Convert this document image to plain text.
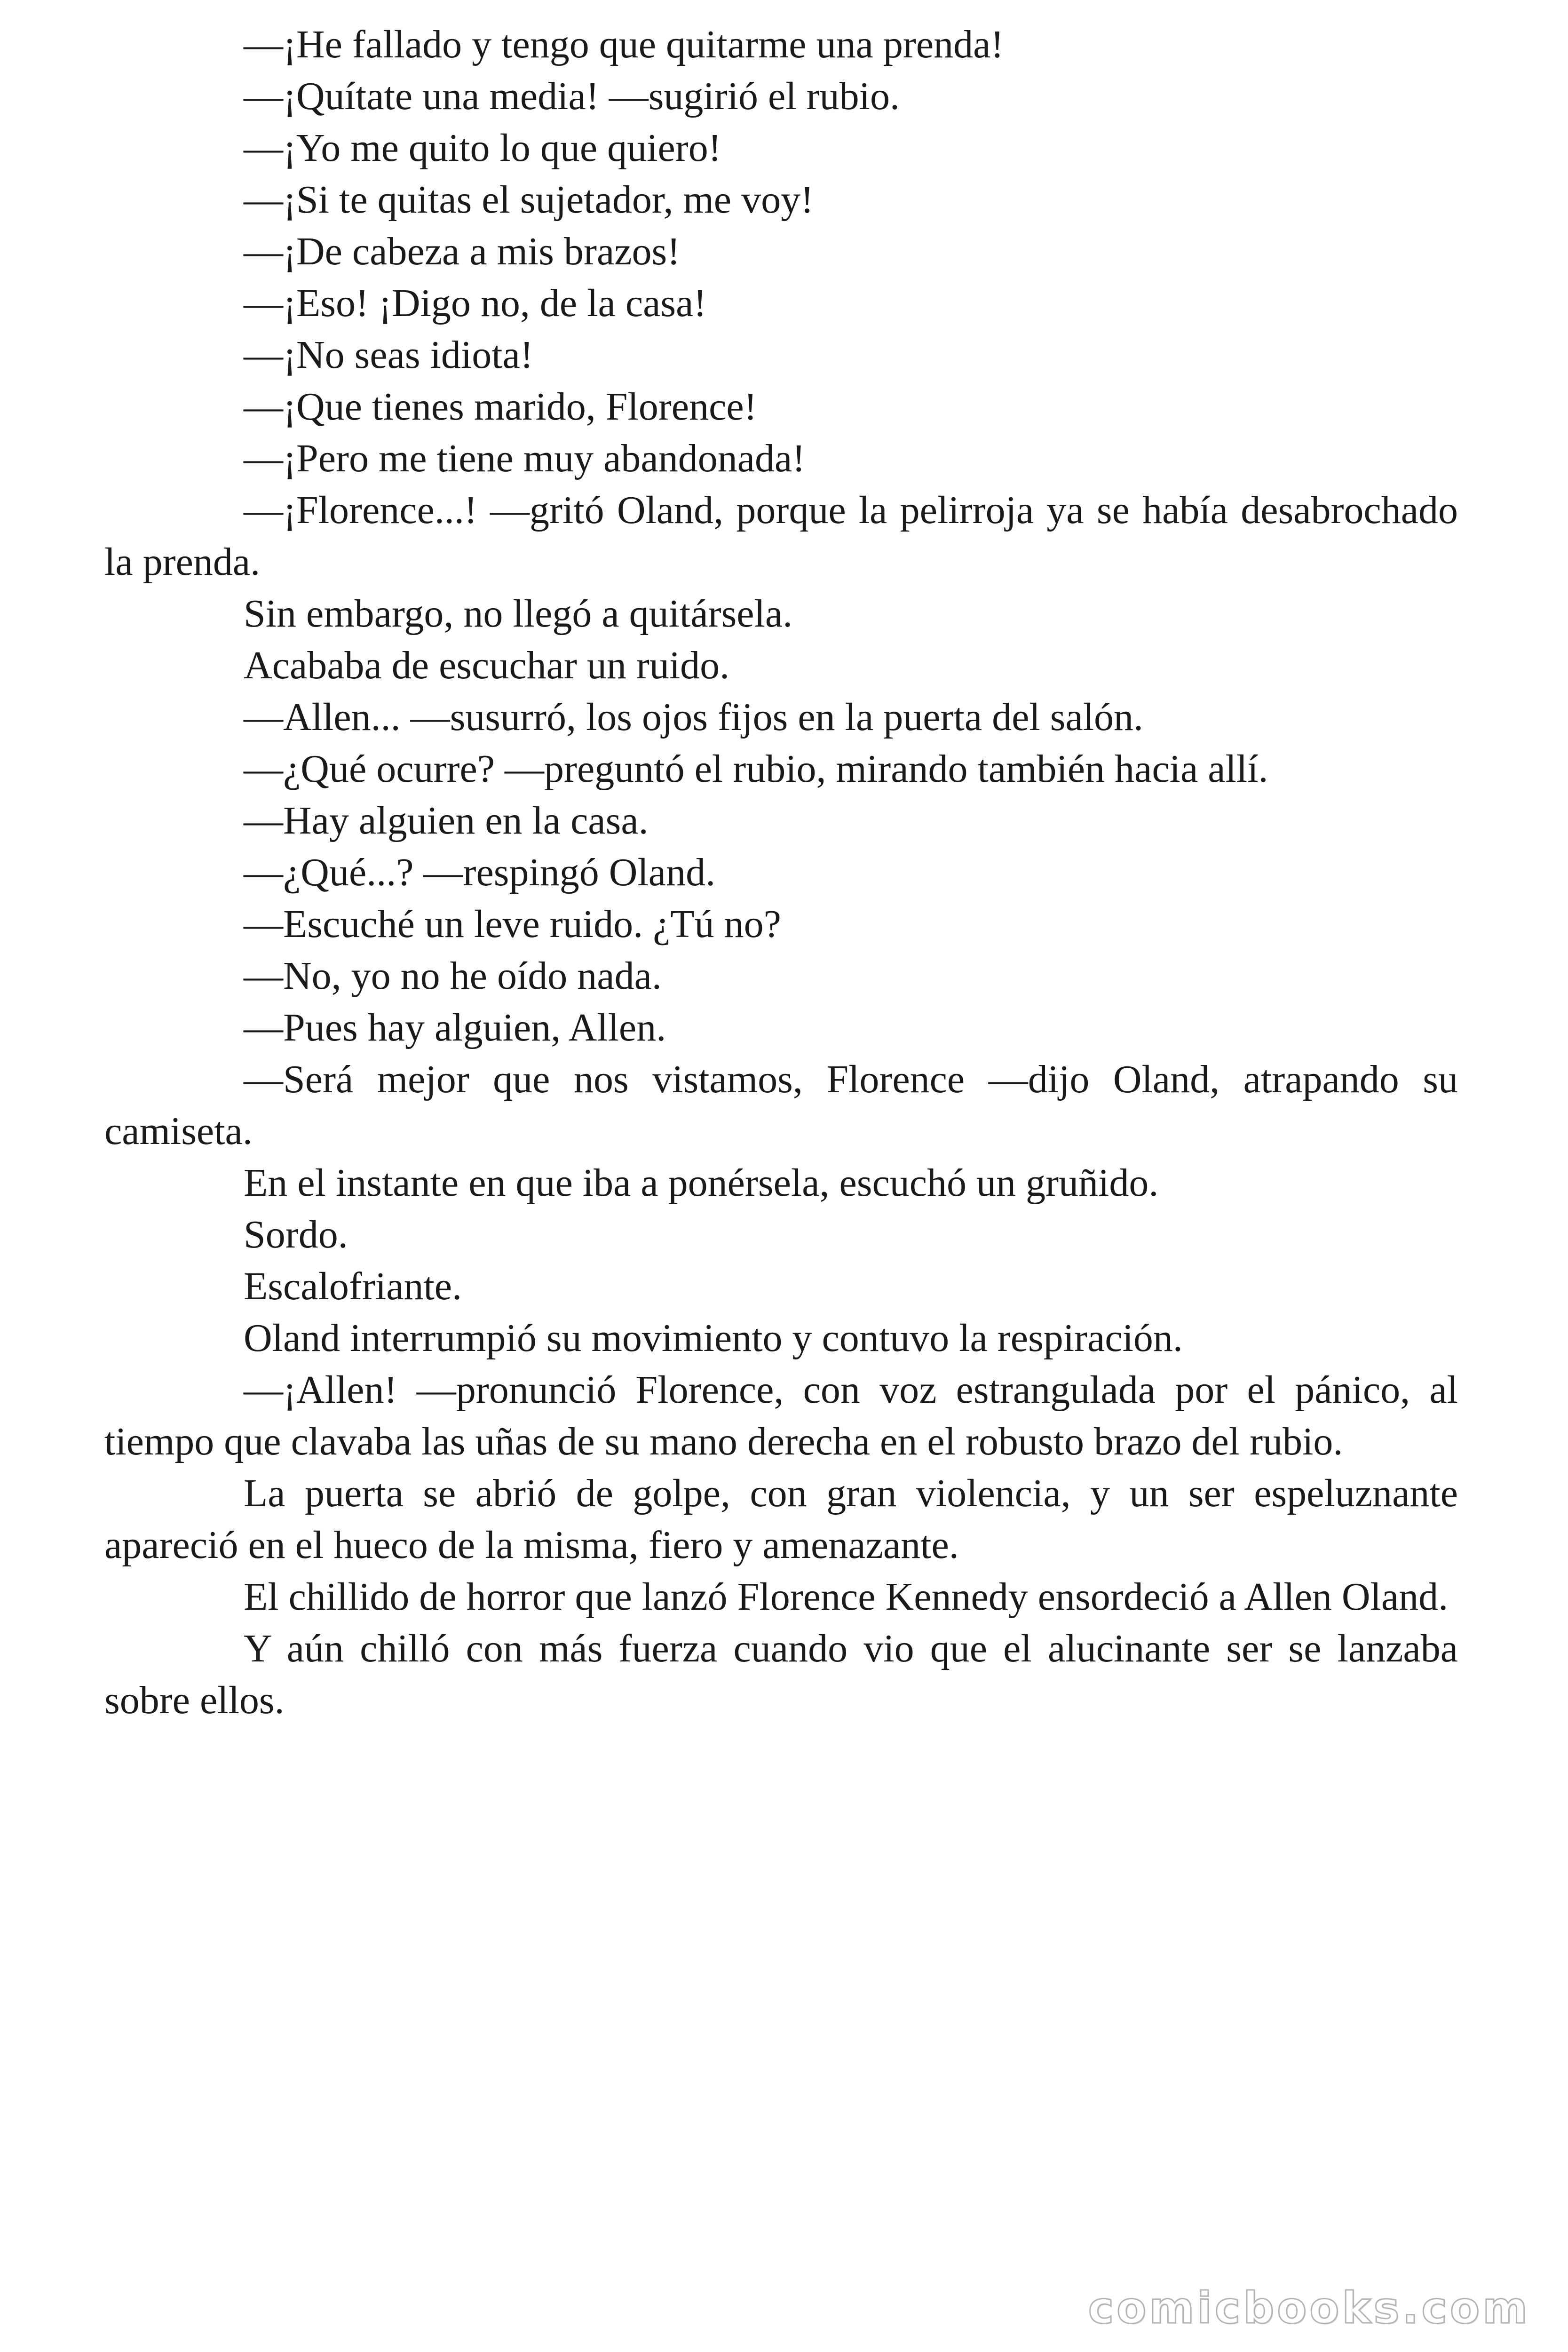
—¡He fallado y tengo que quitarme una prenda!

—¡Quítate una media! —sugirió el rubio.

—¡Yo me quito lo que quiero!

—¡Si te quitas el sujetador, me voy!

—¡De cabeza a mis brazos!

—¡Eso! ¡Digo no, de la casa!

—¡No seas idiota!

—¡Que tienes marido, Florence!

—¡Pero me tiene muy abandonada!

—¡Florence...! —gritó Oland, porque la pelirroja ya se había desabrochado la prenda.

Sin embargo, no llegó a quitársela.

Acababa de escuchar un ruido.

—Allen... —susurró, los ojos fijos en la puerta del salón.

—¿Qué ocurre? —preguntó el rubio, mirando también hacia allí.

—Hay alguien en la casa.

—¿Qué...? —respingó Oland.

—Escuché un leve ruido. ¿Tú no?

—No, yo no he oído nada.

—Pues hay alguien, Allen.

—Será mejor que nos vistamos, Florence —dijo Oland, atrapando su camiseta.

En el instante en que iba a ponérsela, escuchó un gruñido.

Sordo.

Escalofriante.

Oland interrumpió su movimiento y contuvo la respiración.

—¡Allen! —pronunció Florence, con voz estrangulada por el pánico, al tiempo que clavaba las uñas de su mano derecha en el robusto brazo del rubio.

La puerta se abrió de golpe, con gran violencia, y un ser espeluznante apareció en el hueco de la misma, fiero y amenazante.

El chillido de horror que lanzó Florence Kennedy ensordeció a Allen Oland.

Y aún chilló con más fuerza cuando vio que el alucinante ser se lanzaba sobre ellos.

comicbooks.com
